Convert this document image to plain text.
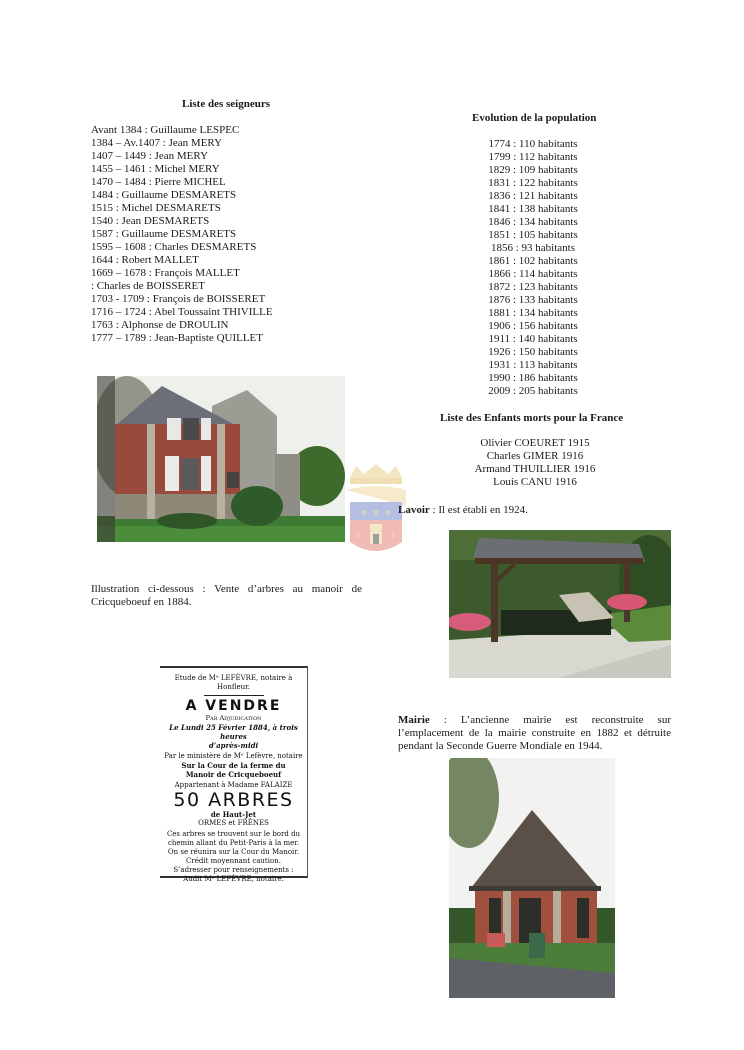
Liste des seigneurs
Avant 1384 : Guillaume LESPEC
1384 – Av.1407 : Jean MERY
1407 – 1449 : Jean MERY
1455 – 1461 : Michel MERY
1470 – 1484 : Pierre MICHEL
1484 : Guillaume DESMARETS
1515 : Michel DESMARETS
1540 : Jean DESMARETS
1587 : Guillaume DESMARETS
1595 – 1608 : Charles DESMARETS
1644 : Robert MALLET
1669 – 1678 : François MALLET
: Charles de BOISSERET
1703 - 1709 : François de BOISSERET
1716 – 1724 : Abel Toussaint THIVILLE
1763 : Alphonse de DROULIN
1777 – 1789 : Jean-Baptiste QUILLET
Evolution de la population
1774 : 110 habitants
1799 : 112 habitants
1829 : 109 habitants
1831 : 122 habitants
1836 : 121 habitants
1841 : 138 habitants
1846 : 134 habitants
1851 : 105 habitants
1856 : 93 habitants
1861 : 102 habitants
1866 : 114 habitants
1872 : 123 habitants
1876 : 133 habitants
1881 : 134 habitants
1906 : 156 habitants
1911 : 140 habitants
1926 : 150 habitants
1931 : 113 habitants
1990 : 186 habitants
2009 : 205 habitants
⚜ ⚜ ⚜
⚜	⚜
Liste des Enfants morts pour la France
Olivier COEURET 1915
Charles GIMER 1916
Armand THUILLIER 1916
Louis CANU 1916
Lavoir : Il est établi en 1924.
Illustration ci-dessous : Vente d’arbres au manoir de Cricqueboeuf en 1884.
Etude de Mᵉ LEFÈVRE, notaire à
Honfleur.
A VENDRE
Par Adjudication
Le Lundi 25 Février 1884, à trois heures
d’après-midi
Par le ministère de Mᵉ Lefèvre, notaire
Sur la Cour de la ferme du
Manoir de Cricqueboeuf
Appartenant à Madame FALAIZE
50 ARBRES
de Haut-Jet
ORMES et FRÊNES
Ces arbres se trouvent sur le bord du
chemin allant du Petit-Paris à la mer.
On se réunira sur la Cour du Manoir.
Crédit moyennant caution.
S’adresser pour renseignements :
Audit Mᵉ LEFÈVRE, notaire.
Mairie : L’ancienne mairie est reconstruite sur l’emplacement de la mairie construite en 1882 et détruite pendant la Seconde Guerre Mondiale en 1944.
